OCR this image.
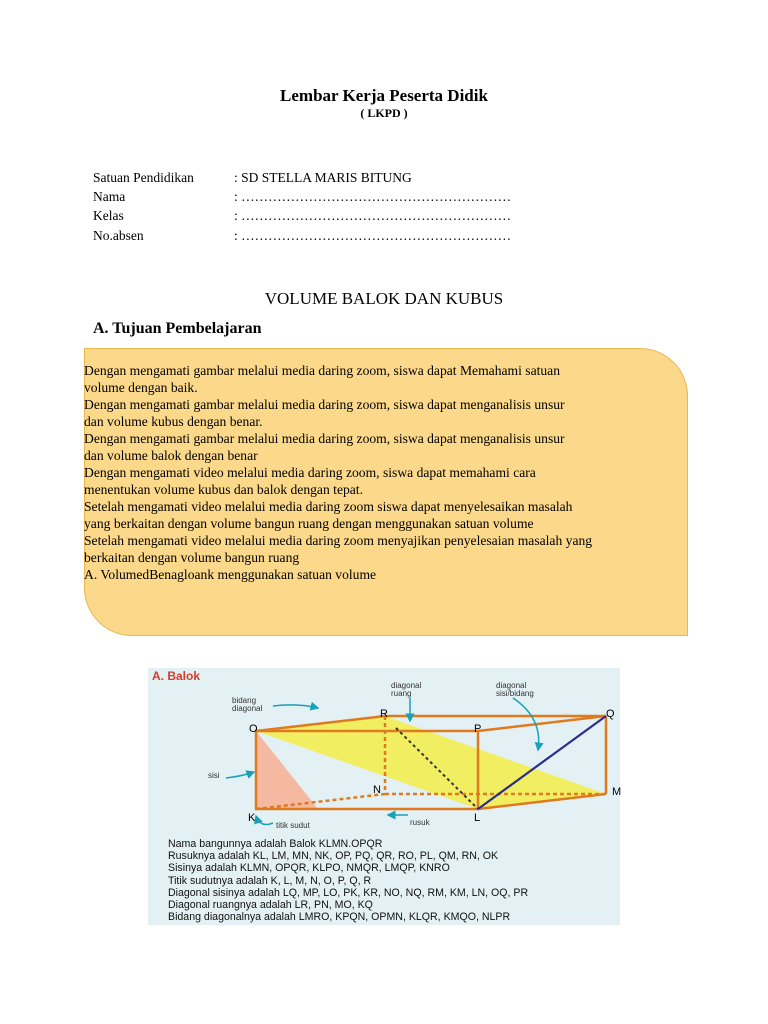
Lembar Kerja Peserta Didik
( LKPD )
Satuan Pendidikan	: SD STELLA MARIS BITUNG
Nama	: ……………………………………………………
Kelas	: ……………………………………………………
No.absen	: ……………………………………………………
VOLUME BALOK DAN KUBUS
A. Tujuan Pembelajaran
Dengan mengamati gambar melalui media daring zoom, siswa dapat Memahami satuan
volume dengan baik.
Dengan mengamati gambar melalui media daring zoom, siswa dapat menganalisis unsur
dan volume kubus dengan benar.
Dengan mengamati gambar melalui media daring zoom, siswa dapat menganalisis unsur
dan volume balok dengan benar
Dengan mengamati video melalui media daring zoom, siswa dapat memahami cara
menentukan volume kubus dan balok dengan tepat.
Setelah mengamati video melalui media daring zoom siswa dapat menyelesaikan masalah
yang berkaitan dengan volume bangun ruang dengan menggunakan satuan volume
Setelah mengamati video melalui media daring zoom menyajikan penyelesaian masalah yang
berkaitan dengan volume bangun ruang
A. VolumedBenagloank menggunakan satuan volume
A. Balok
bidang
diagonal
diagonal
ruang
diagonal
sisi/bidang
sisi
titik sudut	rusuk
O
R
P
Q
N	M
K	L
Nama bangunnya adalah Balok KLMN.OPQR
Rusuknya adalah KL, LM, MN, NK, OP, PQ, QR, RO, PL, QM, RN, OK
Sisinya adalah KLMN, OPQR, KLPO, NMQR, LMQP, KNRO
Titik sudutnya adalah K, L, M, N, O, P, Q, R
Diagonal sisinya adalah LQ, MP, LO, PK, KR, NO, NQ, RM, KM, LN, OQ, PR
Diagonal ruangnya adalah LR, PN, MO, KQ
Bidang diagonalnya adalah LMRO, KPQN, OPMN, KLQR, KMQO, NLPR
